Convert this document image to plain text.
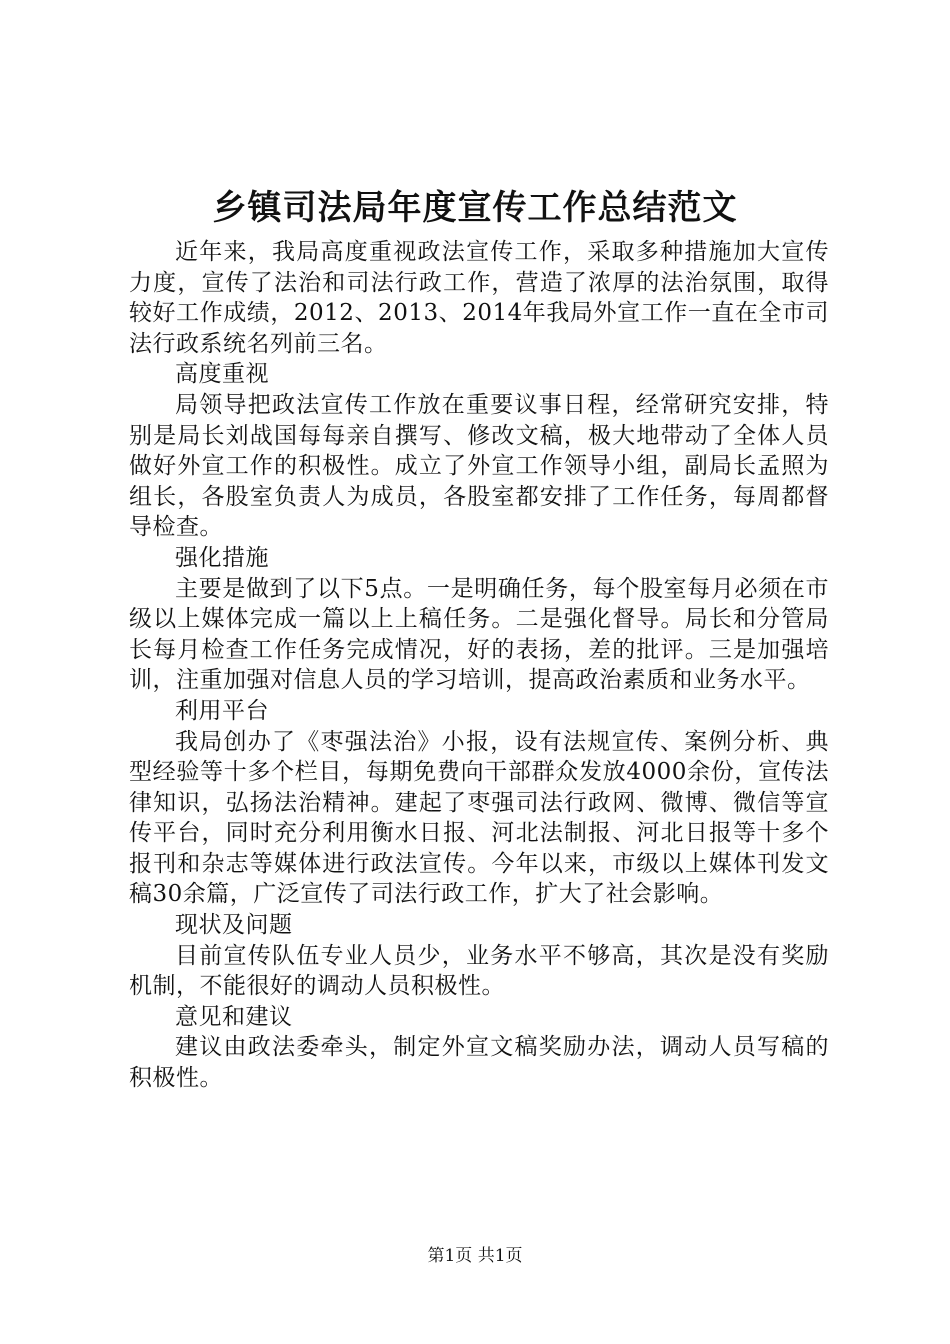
乡镇司法局年度宣传工作总结范文

近年来，我局高度重视政法宣传工作，采取多种措施加大宣传力度，宣传了法治和司法行政工作，营造了浓厚的法治氛围，取得较好工作成绩，2012、2013、2014年我局外宣工作一直在全市司法行政系统名列前三名。

高度重视

局领导把政法宣传工作放在重要议事日程，经常研究安排，特别是局长刘战国每每亲自撰写、修改文稿，极大地带动了全体人员做好外宣工作的积极性。成立了外宣工作领导小组，副局长孟照为组长，各股室负责人为成员，各股室都安排了工作任务，每周都督导检查。

强化措施

主要是做到了以下5点。一是明确任务，每个股室每月必须在市级以上媒体完成一篇以上上稿任务。二是强化督导。局长和分管局长每月检查工作任务完成情况，好的表扬，差的批评。三是加强培训，注重加强对信息人员的学习培训，提高政治素质和业务水平。

利用平台

我局创办了《枣强法治》小报，设有法规宣传、案例分析、典型经验等十多个栏目，每期免费向干部群众发放4000余份，宣传法律知识，弘扬法治精神。建起了枣强司法行政网、微博、微信等宣传平台，同时充分利用衡水日报、河北法制报、河北日报等十多个报刊和杂志等媒体进行政法宣传。今年以来，市级以上媒体刊发文稿30余篇，广泛宣传了司法行政工作，扩大了社会影响。

现状及问题

目前宣传队伍专业人员少，业务水平不够高，其次是没有奖励机制，不能很好的调动人员积极性。

意见和建议

建议由政法委牵头，制定外宣文稿奖励办法，调动人员写稿的积极性。

第1页 共1页
